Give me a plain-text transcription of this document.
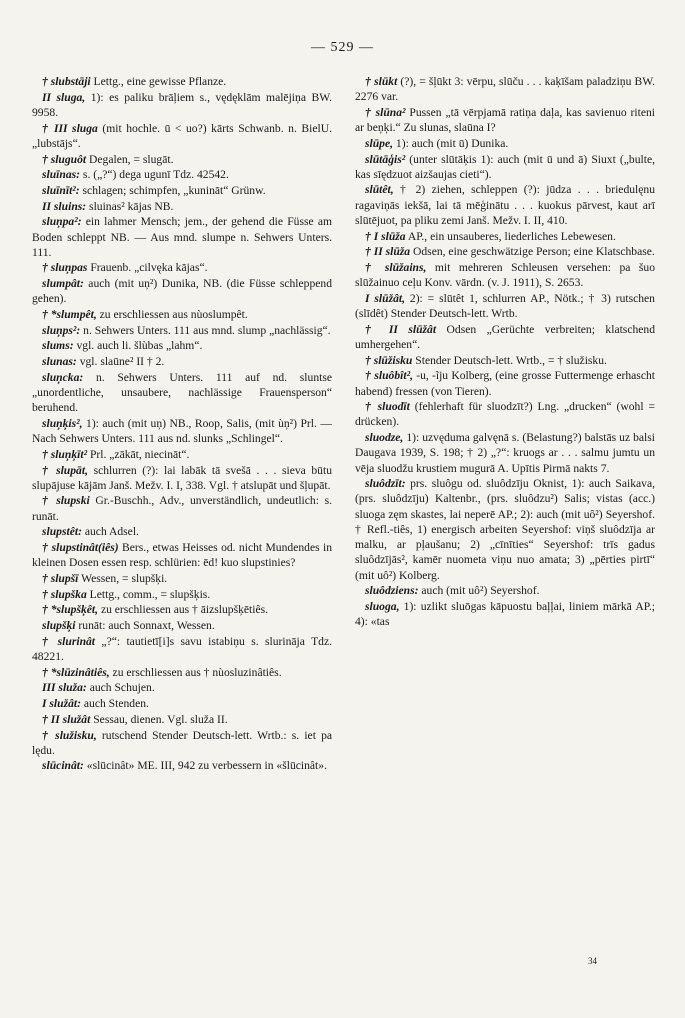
— 529 —

† slubstāji Lettg., eine gewisse Pflanze.

II sluga, 1): es paliku brāļiem s., vędęklām malējiņa BW. 9958.

† III sluga (mit hochle. ū < uo?) kārts Schwanb. n. BielU. „lubstājs“.

† sluguôt Degalen, = slugāt.

sluīnas: s. („?“) dega ugunī Tdz. 42542.

sluīnīt²: schlagen; schimpfen, „kunināt“ Grünw.

II sluins: sluinas² kājas NB.

sluņpa²: ein lahmer Mensch; jem., der gehend die Füsse am Boden schleppt NB. — Aus mnd. slumpe n. Sehwers Unters. 111.

† sluņpas Frauenb. „cilvęka kājas“.

slumpât: auch (mit uņ²) Dunika, NB. (die Füsse schleppend gehen).

† *slumpêt, zu erschliessen aus nùoslumpêt.

sluņps²: n. Sehwers Unters. 111 aus mnd. slump „nachlässig“.

slums: vgl. auch li. šlùbas „lahm“.

slunas: vgl. slaūne² II † 2.

sluņcka: n. Sehwers Unters. 111 auf nd. sluntse „unordentliche, unsaubere, nachlässige Frauensperson“ beruhend.

sluņķis², 1): auch (mit uņ) NB., Roop, Salis, (mit ùņ²) Prl. — Nach Sehwers Unters. 111 aus nd. slunks „Schlingel“.

† sluņķīt² Prl. „zākāt, niecināt“.

† slupāt, schlurren (?): lai labāk tā svešā . . . sieva būtu slupājuse kājām Janš. Mežv. I. I, 338. Vgl. † atslupāt und šļupāt.

† slupski Gr.-Buschh., Adv., unverständlich, undeutlich: s. runāt.

slupstêt: auch Adsel.

† slupstinât(iês) Bers., etwas Heisses od. nicht Mundendes in kleinen Dosen essen resp. schlürien: ēd! kuo slupstinies?

† slupšī Wessen, = slupšķi.

† slupška Lettg., comm., = slupšķis.

† *slupšķêt, zu erschliessen aus † āizslupšķētiês.

slupšķi runāt: auch Sonnaxt, Wessen.

† slurinât „?“: tautietī[i]s savu istabiņu s. slurināja Tdz. 48221.

† *slūzinâtiês, zu erschliessen aus † nùosluzinâtiês.

III služa: auch Schujen.

I služât: auch Stenden.

† II služât Sessau, dienen. Vgl. služa II.

† služisku, rutschend Stender Deutsch-lett. Wrtb.: s. iet pa lędu.

slūcinât: «slūcinât» ME. III, 942 zu verbessern in «šlūcinât».

† slūkt (?), = šļūkt 3: vērpu, slūču . . . kaķīšam paladziņu BW. 2276 var.

† slūna² Pussen „tā vērpjamā ratiņa daļa, kas savienuo riteni ar beņķi.“ Zu slunas, slaūna I?

slūpe, 1): auch (mit ū) Dunika.

slūtāģis² (unter slūtāķis 1): auch (mit ū und ā) Siuxt („bulte, kas sīędzuot aizšaujas cieti“).

slūtêt, † 2) ziehen, schleppen (?): jūdza . . . briedulęnu ragaviņās iekšā, lai tā mēģinātu . . . kuokus pārvest, kaut arī slūtējuot, pa pliku zemi Janš. Mežv. I. II, 410.

† I slūža AP., ein unsauberes, liederliches Lebewesen.

† II slūža Odsen, eine geschwätzige Person; eine Klatschbase.

† slūžains, mit mehreren Schleusen versehen: pa šuo slūžainuo ceļu Konv. vārdn. (v. J. 1911), S. 2653.

I slūžât, 2): = slūtêt 1, schlurren AP., Nötk.; † 3) rutschen (slīdêt) Stender Deutsch-lett. Wrtb.

† II slūžât Odsen „Gerüchte verbreiten; klatschend umhergehen“.

† slūžisku Stender Deutsch-lett. Wrtb., = † služisku.

† sluôbît², -u, -ĩju Kolberg, (eine grosse Futtermenge erhascht habend) fressen (von Tieren).

† sluodīt (fehlerhaft für sluodzīt?) Lng. „drucken“ (wohl = drücken).

sluodze, 1): uzvęduma galvęnā s. (Belastung?) balstās uz balsi Daugava 1939, S. 198; † 2) „?“: kruogs ar . . . salmu jumtu un vēja sluodžu krustiem mugurā A. Upītis Pirmā nakts 7.

sluôdzīt: prs. sluôgu od. sluôdzīju Oknist, 1): auch Saikava, (prs. sluôdzīju) Kaltenbr., (prs. sluôdzu²) Salis; vistas (acc.) sluoga zęm skastes, lai neperē AP.; 2): auch (mit uô²) Seyershof. † Refl.-tiês, 1) energisch arbeiten Seyershof: viņš sluôdzīja ar malku, ar pļaušanu; 2) „cīnīties“ Seyershof: trīs gadus sluôdzījās², kamēr nuometa viņu nuo amata; 3) „pērties pirtī“ (mit uô²) Kolberg.

sluôdziens: auch (mit uô²) Seyershof.

sluoga, 1): uzlikt sluōgas kāpuostu baļļai, liniem mārkā AP.; 4): «tas

34
